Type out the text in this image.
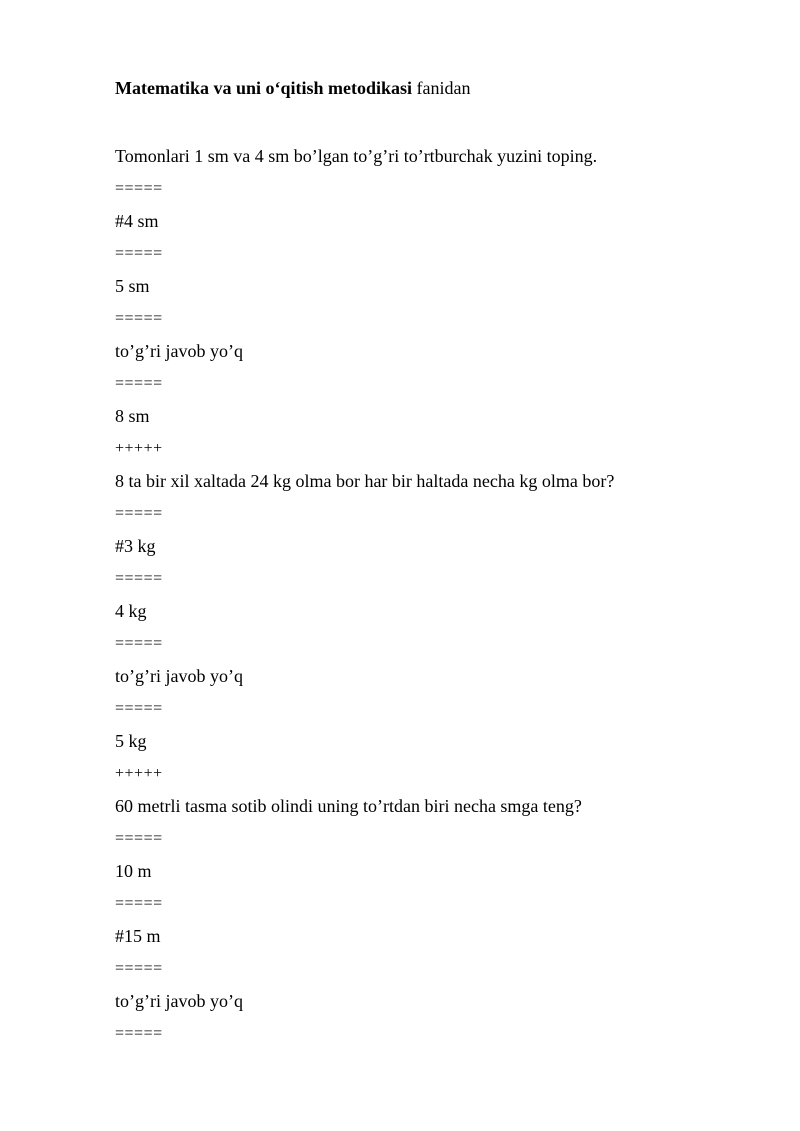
Matematika va uni o‘qitish metodikasi fanidan

Tomonlari 1 sm va 4 sm bo’lgan to’g’ri to’rtburchak yuzini toping.

=====

#4 sm

=====

5 sm

=====

to’g’ri javob yo’q

=====

8 sm

+++++

8 ta bir xil xaltada 24 kg olma bor har bir haltada necha kg olma bor?

=====

#3 kg

=====

4 kg

=====

to’g’ri javob yo’q

=====

5 kg

+++++

60 metrli tasma sotib olindi uning to’rtdan biri necha smga teng?

=====

10 m

=====

#15 m

=====

to’g’ri javob yo’q

=====
